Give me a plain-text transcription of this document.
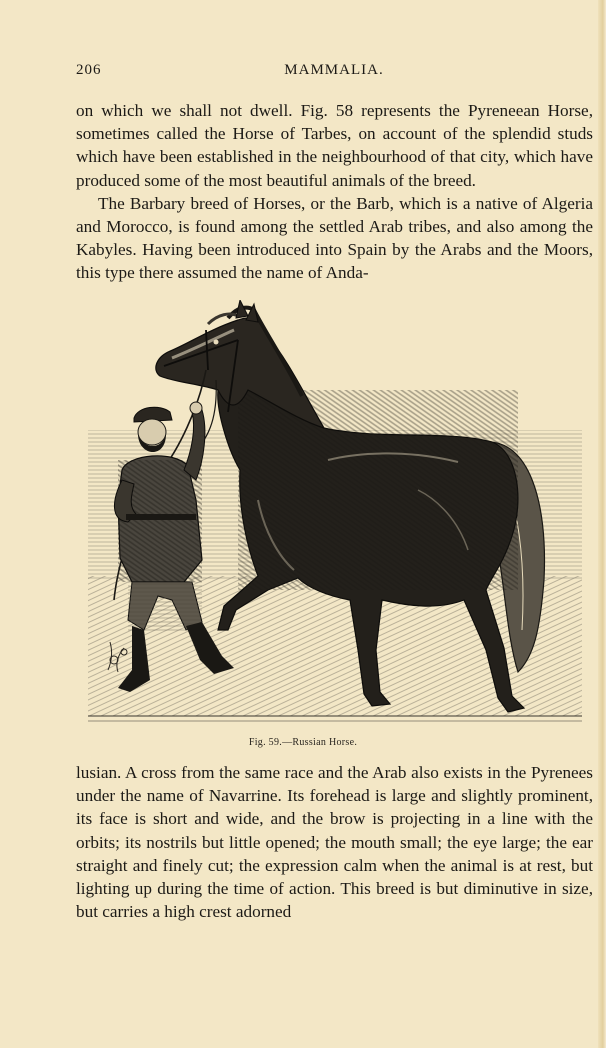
206	MAMMALIA.

on which we shall not dwell. Fig. 58 represents the Pyreneean Horse, sometimes called the Horse of Tarbes, on account of the splendid studs which have been established in the neighbourhood of that city, which have produced some of the most beautiful animals of the breed.

The Barbary breed of Horses, or the Barb, which is a native of Algeria and Morocco, is found among the settled Arab tribes, and also among the Kabyles. Having been introduced into Spain by the Arabs and the Moors, this type there assumed the name of Anda-

Fig. 59.—Russian Horse.

lusian. A cross from the same race and the Arab also exists in the Pyrenees under the name of Navarrine. Its forehead is large and slightly prominent, its face is short and wide, and the brow is projecting in a line with the orbits; its nostrils but little opened; the mouth small; the eye large; the ear straight and finely cut; the expression calm when the animal is at rest, but lighting up during the time of action. This breed is but diminutive in size, but carries a high crest adorned
